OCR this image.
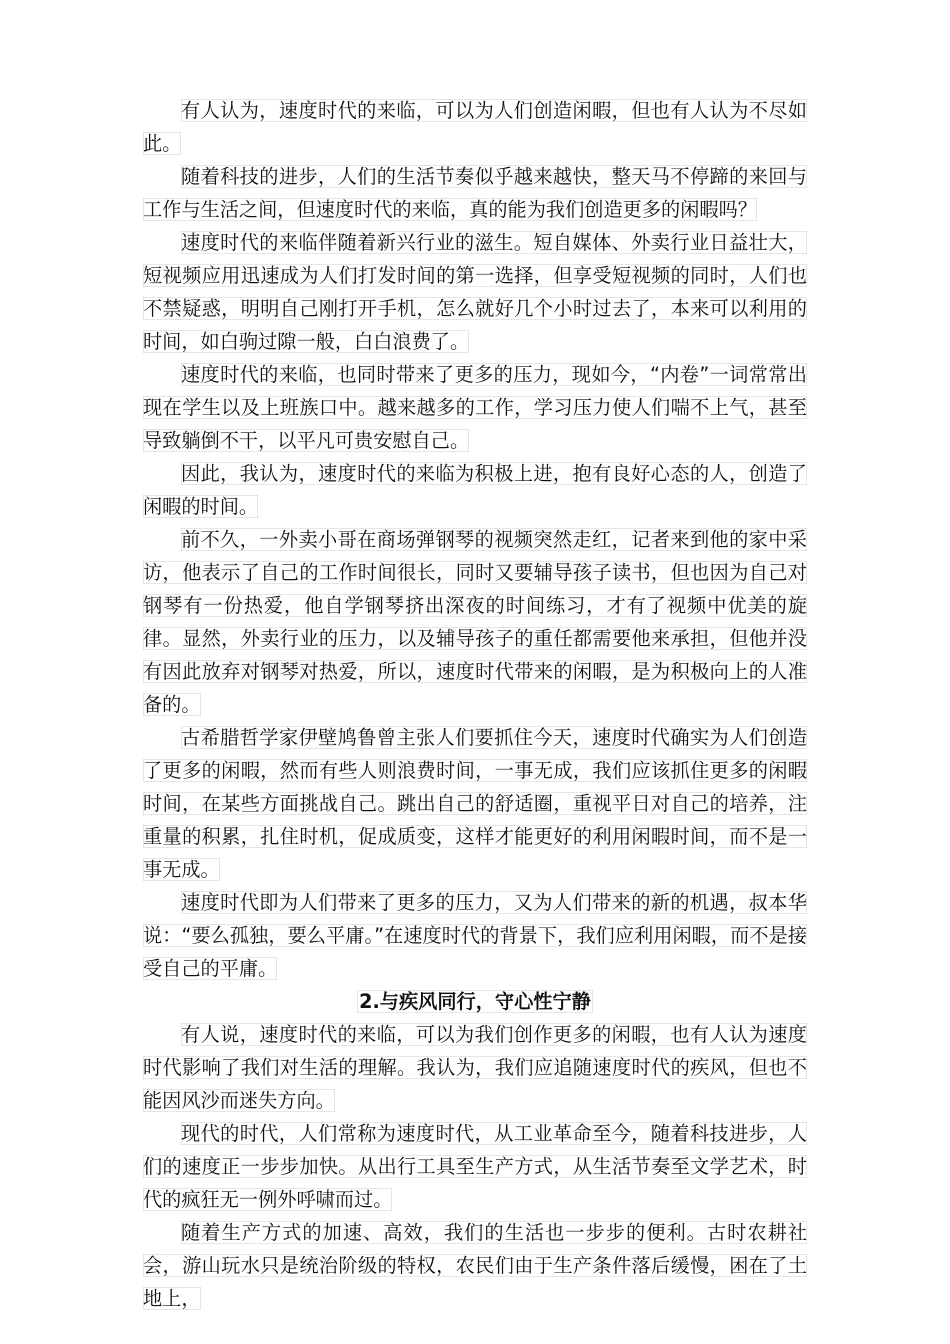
有人认为，速度时代的来临，可以为人们创造闲暇，但也有人认为不尽如此。

随着科技的进步，人们的生活节奏似乎越来越快，整天马不停蹄的来回与工作与生活之间，但速度时代的来临，真的能为我们创造更多的闲暇吗？

速度时代的来临伴随着新兴行业的滋生。短自媒体、外卖行业日益壮大，短视频应用迅速成为人们打发时间的第一选择，但享受短视频的同时，人们也不禁疑惑，明明自己刚打开手机，怎么就好几个小时过去了，本来可以利用的时间，如白驹过隙一般，白白浪费了。

速度时代的来临，也同时带来了更多的压力，现如今，“内卷”一词常常出现在学生以及上班族口中。越来越多的工作，学习压力使人们喘不上气，甚至导致躺倒不干，以平凡可贵安慰自己。

因此，我认为，速度时代的来临为积极上进，抱有良好心态的人，创造了闲暇的时间。

前不久，一外卖小哥在商场弹钢琴的视频突然走红，记者来到他的家中采访，他表示了自己的工作时间很长，同时又要辅导孩子读书，但也因为自己对钢琴有一份热爱，他自学钢琴挤出深夜的时间练习，才有了视频中优美的旋律。显然，外卖行业的压力，以及辅导孩子的重任都需要他来承担，但他并没有因此放弃对钢琴对热爱，所以，速度时代带来的闲暇，是为积极向上的人准备的。

古希腊哲学家伊壁鸠鲁曾主张人们要抓住今天，速度时代确实为人们创造了更多的闲暇，然而有些人则浪费时间，一事无成，我们应该抓住更多的闲暇时间，在某些方面挑战自己。跳出自己的舒适圈，重视平日对自己的培养，注重量的积累，扎住时机，促成质变，这样才能更好的利用闲暇时间，而不是一事无成。

速度时代即为人们带来了更多的压力，又为人们带来的新的机遇，叔本华说：“要么孤独，要么平庸。”在速度时代的背景下，我们应利用闲暇，而不是接受自己的平庸。

2.与疾风同行，守心性宁静

有人说，速度时代的来临，可以为我们创作更多的闲暇，也有人认为速度时代影响了我们对生活的理解。我认为，我们应追随速度时代的疾风，但也不能因风沙而迷失方向。

现代的时代，人们常称为速度时代，从工业革命至今，随着科技进步，人们的速度正一步步加快。从出行工具至生产方式，从生活节奏至文学艺术，时代的疯狂无一例外呼啸而过。

随着生产方式的加速、高效，我们的生活也一步步的便利。古时农耕社会，游山玩水只是统治阶级的特权，农民们由于生产条件落后缓慢，困在了土地上，
